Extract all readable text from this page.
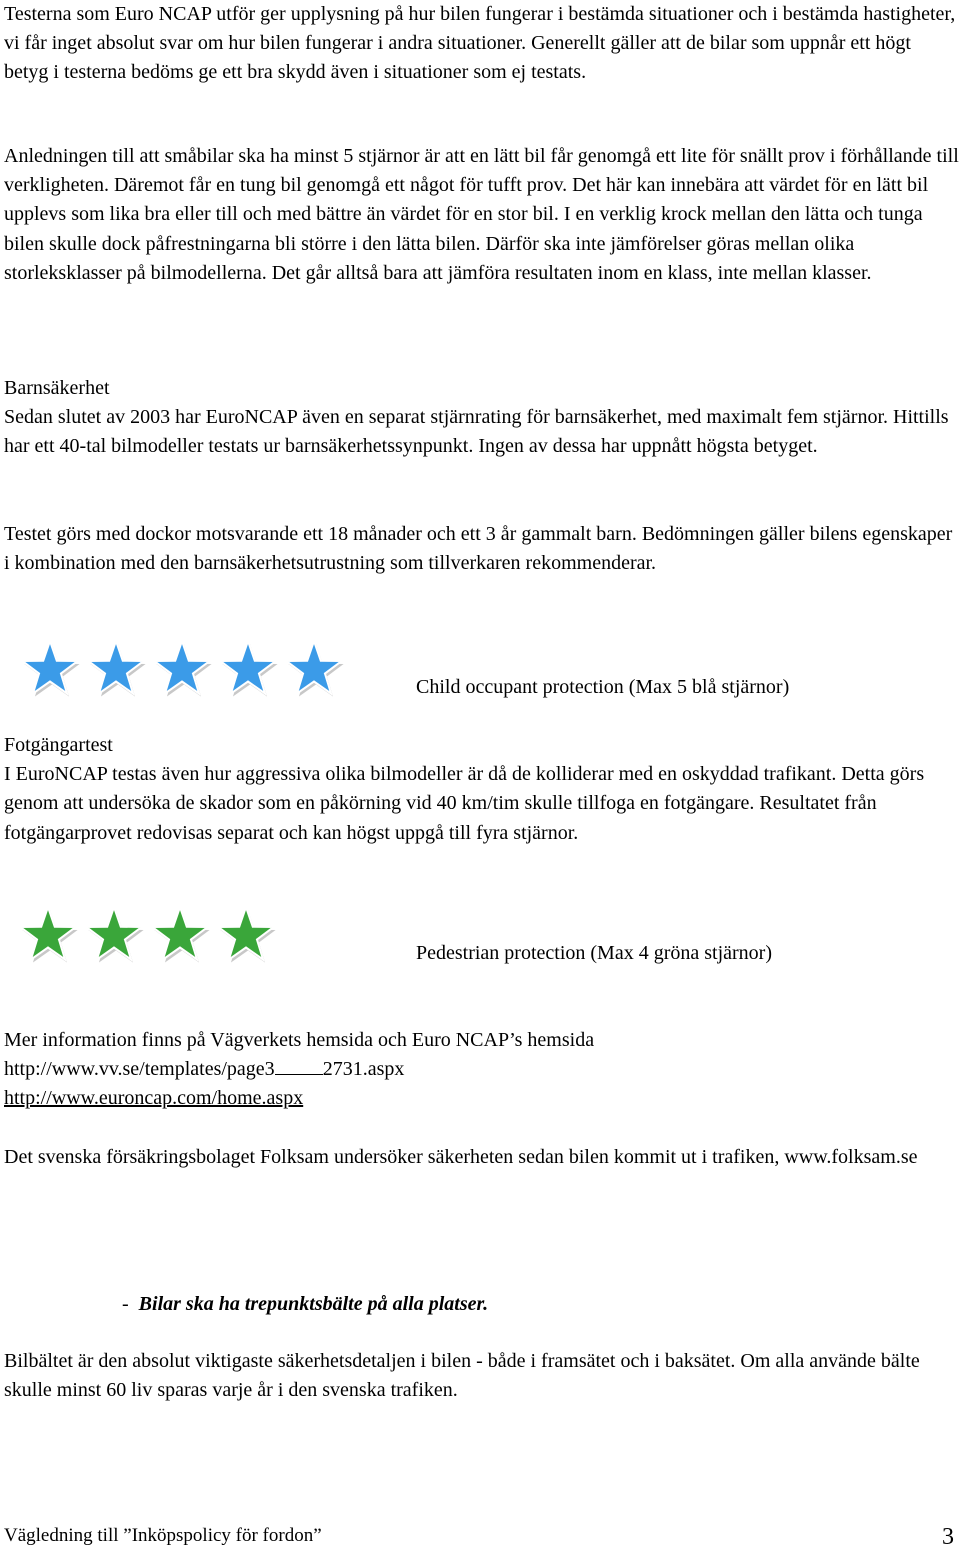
Testerna som Euro NCAP utför ger upplysning på hur bilen fungerar i bestämda situationer och i bestämda hastigheter, vi får inget absolut svar om hur bilen fungerar i andra situationer. Generellt gäller att de bilar som uppnår ett högt betyg i testerna bedöms ge ett bra skydd även i situationer som ej testats.

Anledningen till att småbilar ska ha minst 5 stjärnor är att en lätt bil får genomgå ett lite för snällt prov i förhållande till verkligheten. Däremot får en tung bil genomgå ett något för tufft prov. Det här kan innebära att värdet för en lätt bil upplevs som lika bra eller till och med bättre än värdet för en stor bil. I en verklig krock mellan den lätta och tunga bilen skulle dock påfrestningarna bli större i den lätta bilen. Därför ska inte jämförelser göras mellan olika storleksklasser på bilmodellerna. Det går alltså bara att jämföra resultaten inom en klass, inte mellan klasser.

Barnsäkerhet
Sedan slutet av 2003 har EuroNCAP även en separat stjärnrating för barnsäkerhet, med maximalt fem stjärnor. Hittills har ett 40-tal bilmodeller testats ur barnsäkerhetssynpunkt. Ingen av dessa har uppnått högsta betyget.

Testet görs med dockor motsvarande ett 18 månader och ett 3 år gammalt barn. Bedömningen gäller bilens egenskaper i kombination med den barnsäkerhetsutrustning som tillverkaren rekommenderar.

Child occupant protection (Max 5 blå stjärnor)
Fotgängartest
I EuroNCAP testas även hur aggressiva olika bilmodeller är då de kolliderar med en oskyddad trafikant. Detta görs genom att undersöka de skador som en påkörning vid 40 km/tim skulle tillfoga en fotgängare. Resultatet från fotgängarprovet redovisas separat och kan högst uppgå till fyra stjärnor.
Pedestrian protection (Max 4 gröna stjärnor)
Mer information finns på Vägverkets hemsida och Euro NCAP’s hemsida
http://www.vv.se/templates/page3 2731.aspx
http://www.euroncap.com/home.aspx

Det svenska försäkringsbolaget Folksam undersöker säkerheten sedan bilen kommit ut i trafiken, www.folksam.se

- Bilar ska ha trepunktsbälte på alla platser.

Bilbältet är den absolut viktigaste säkerhetsdetaljen i bilen - både i framsätet och i baksätet. Om alla använde bälte skulle minst 60 liv sparas varje år i den svenska trafiken.

Vägledning till ”Inköpspolicy för fordon”	3
